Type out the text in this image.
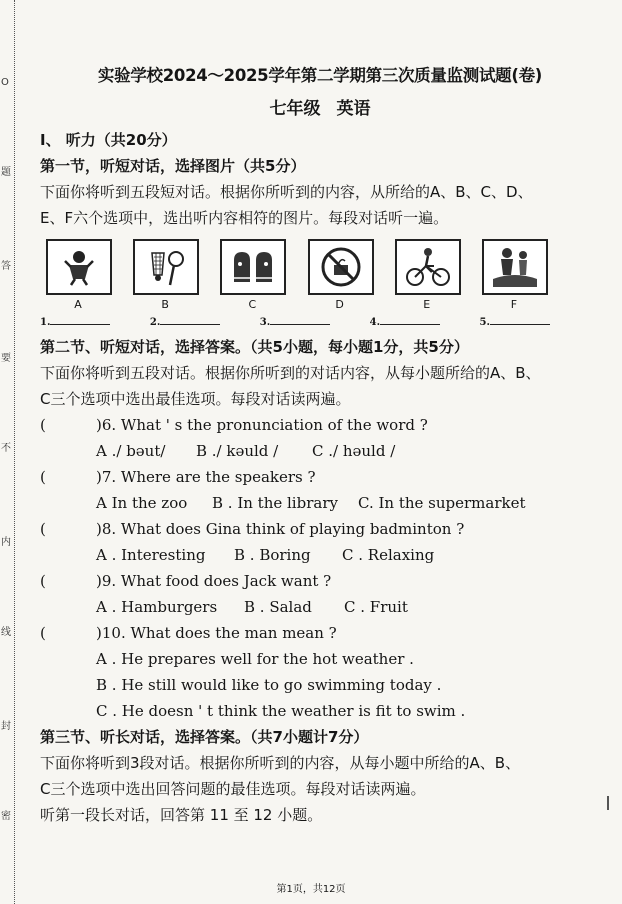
O
题
答
要
不
内
线
封
密
实验学校2024～2025学年第二学期第三次质量监测试题(卷)
七年级 英语
I、 听力（共20分）
第一节，听短对话，选择图片（共5分）
下面你将听到五段短对话。根据你所听到的内容，从所给的A、B、C、D、
E、F六个选项中，选出听内容相符的图片。每段对话听一遍。
A	B	C	D	E	F
1.	2.	3.	4.	5.
第二节、听短对话，选择答案。（共5小题，每小题1分，共5分）
下面你将听到五段对话。根据你所听到的对话内容，从每小题所给的A、B、
C三个选项中选出最佳选项。每段对话读两遍。
(	)6. What ' s the pronunciation of the word ?
A ./ bəut/ B ./ kəuld / C ./ həuld /
(	)7. Where are the speakers ?
A In the zoo B . In the library C. In the supermarket
(	)8. What does Gina think of playing badminton ?
A . Interesting B . Boring C . Relaxing
(	)9. What food does Jack want ?
A . Hamburgers B . Salad C . Fruit
(	)10. What does the man mean ?
A . He prepares well for the hot weather .
B . He still would like to go swimming today .
C . He doesn ' t think the weather is fit to swim .
第三节、听长对话，选择答案。（共7小题计7分）
下面你将听到3段对话。根据你所听到的内容，从每小题中所给的A、B、
C三个选项中选出回答问题的最佳选项。每段对话读两遍。
听第一段长对话，回答第 11 至 12 小题。
第1页，共12页
